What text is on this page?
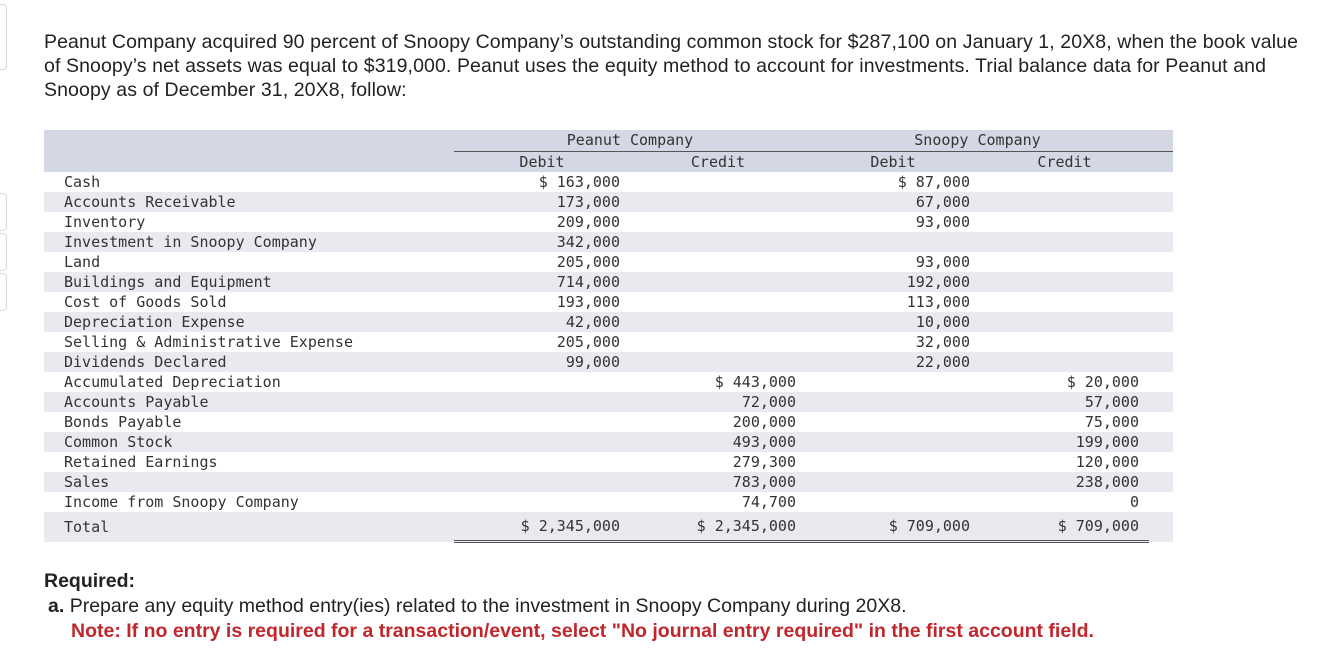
Peanut Company acquired 90 percent of Snoopy Company’s outstanding common stock for $287,100 on January 1, 20X8, when the book value of Snoopy’s net assets was equal to $319,000. Peanut uses the equity method to account for investments. Trial balance data for Peanut and Snoopy as of December 31, 20X8, follow:
	Peanut Company		Snoopy Company		
	Debit	Credit	Debit	Credit	
Cash	$ 163,000		$ 87,000		
Accounts Receivable	173,000		67,000		
Inventory	209,000		93,000		
Investment in Snoopy Company	342,000				
Land	205,000		93,000		
Buildings and Equipment	714,000		192,000		
Cost of Goods Sold	193,000		113,000		
Depreciation Expense	42,000		10,000		
Selling & Administrative Expense	205,000		32,000		
Dividends Declared	99,000		22,000		
Accumulated Depreciation		$ 443,000		$ 20,000	
Accounts Payable		72,000		57,000	
Bonds Payable		200,000		75,000	
Common Stock		493,000		199,000	
Retained Earnings		279,300		120,000	
Sales		783,000		238,000	
Income from Snoopy Company		74,700		0	
Total	$ 2,345,000	$ 2,345,000	$ 709,000	$ 709,000	
Required:
a. Prepare any equity method entry(ies) related to the investment in Snoopy Company during 20X8.
Note: If no entry is required for a transaction/event, select "No journal entry required" in the first account field.
